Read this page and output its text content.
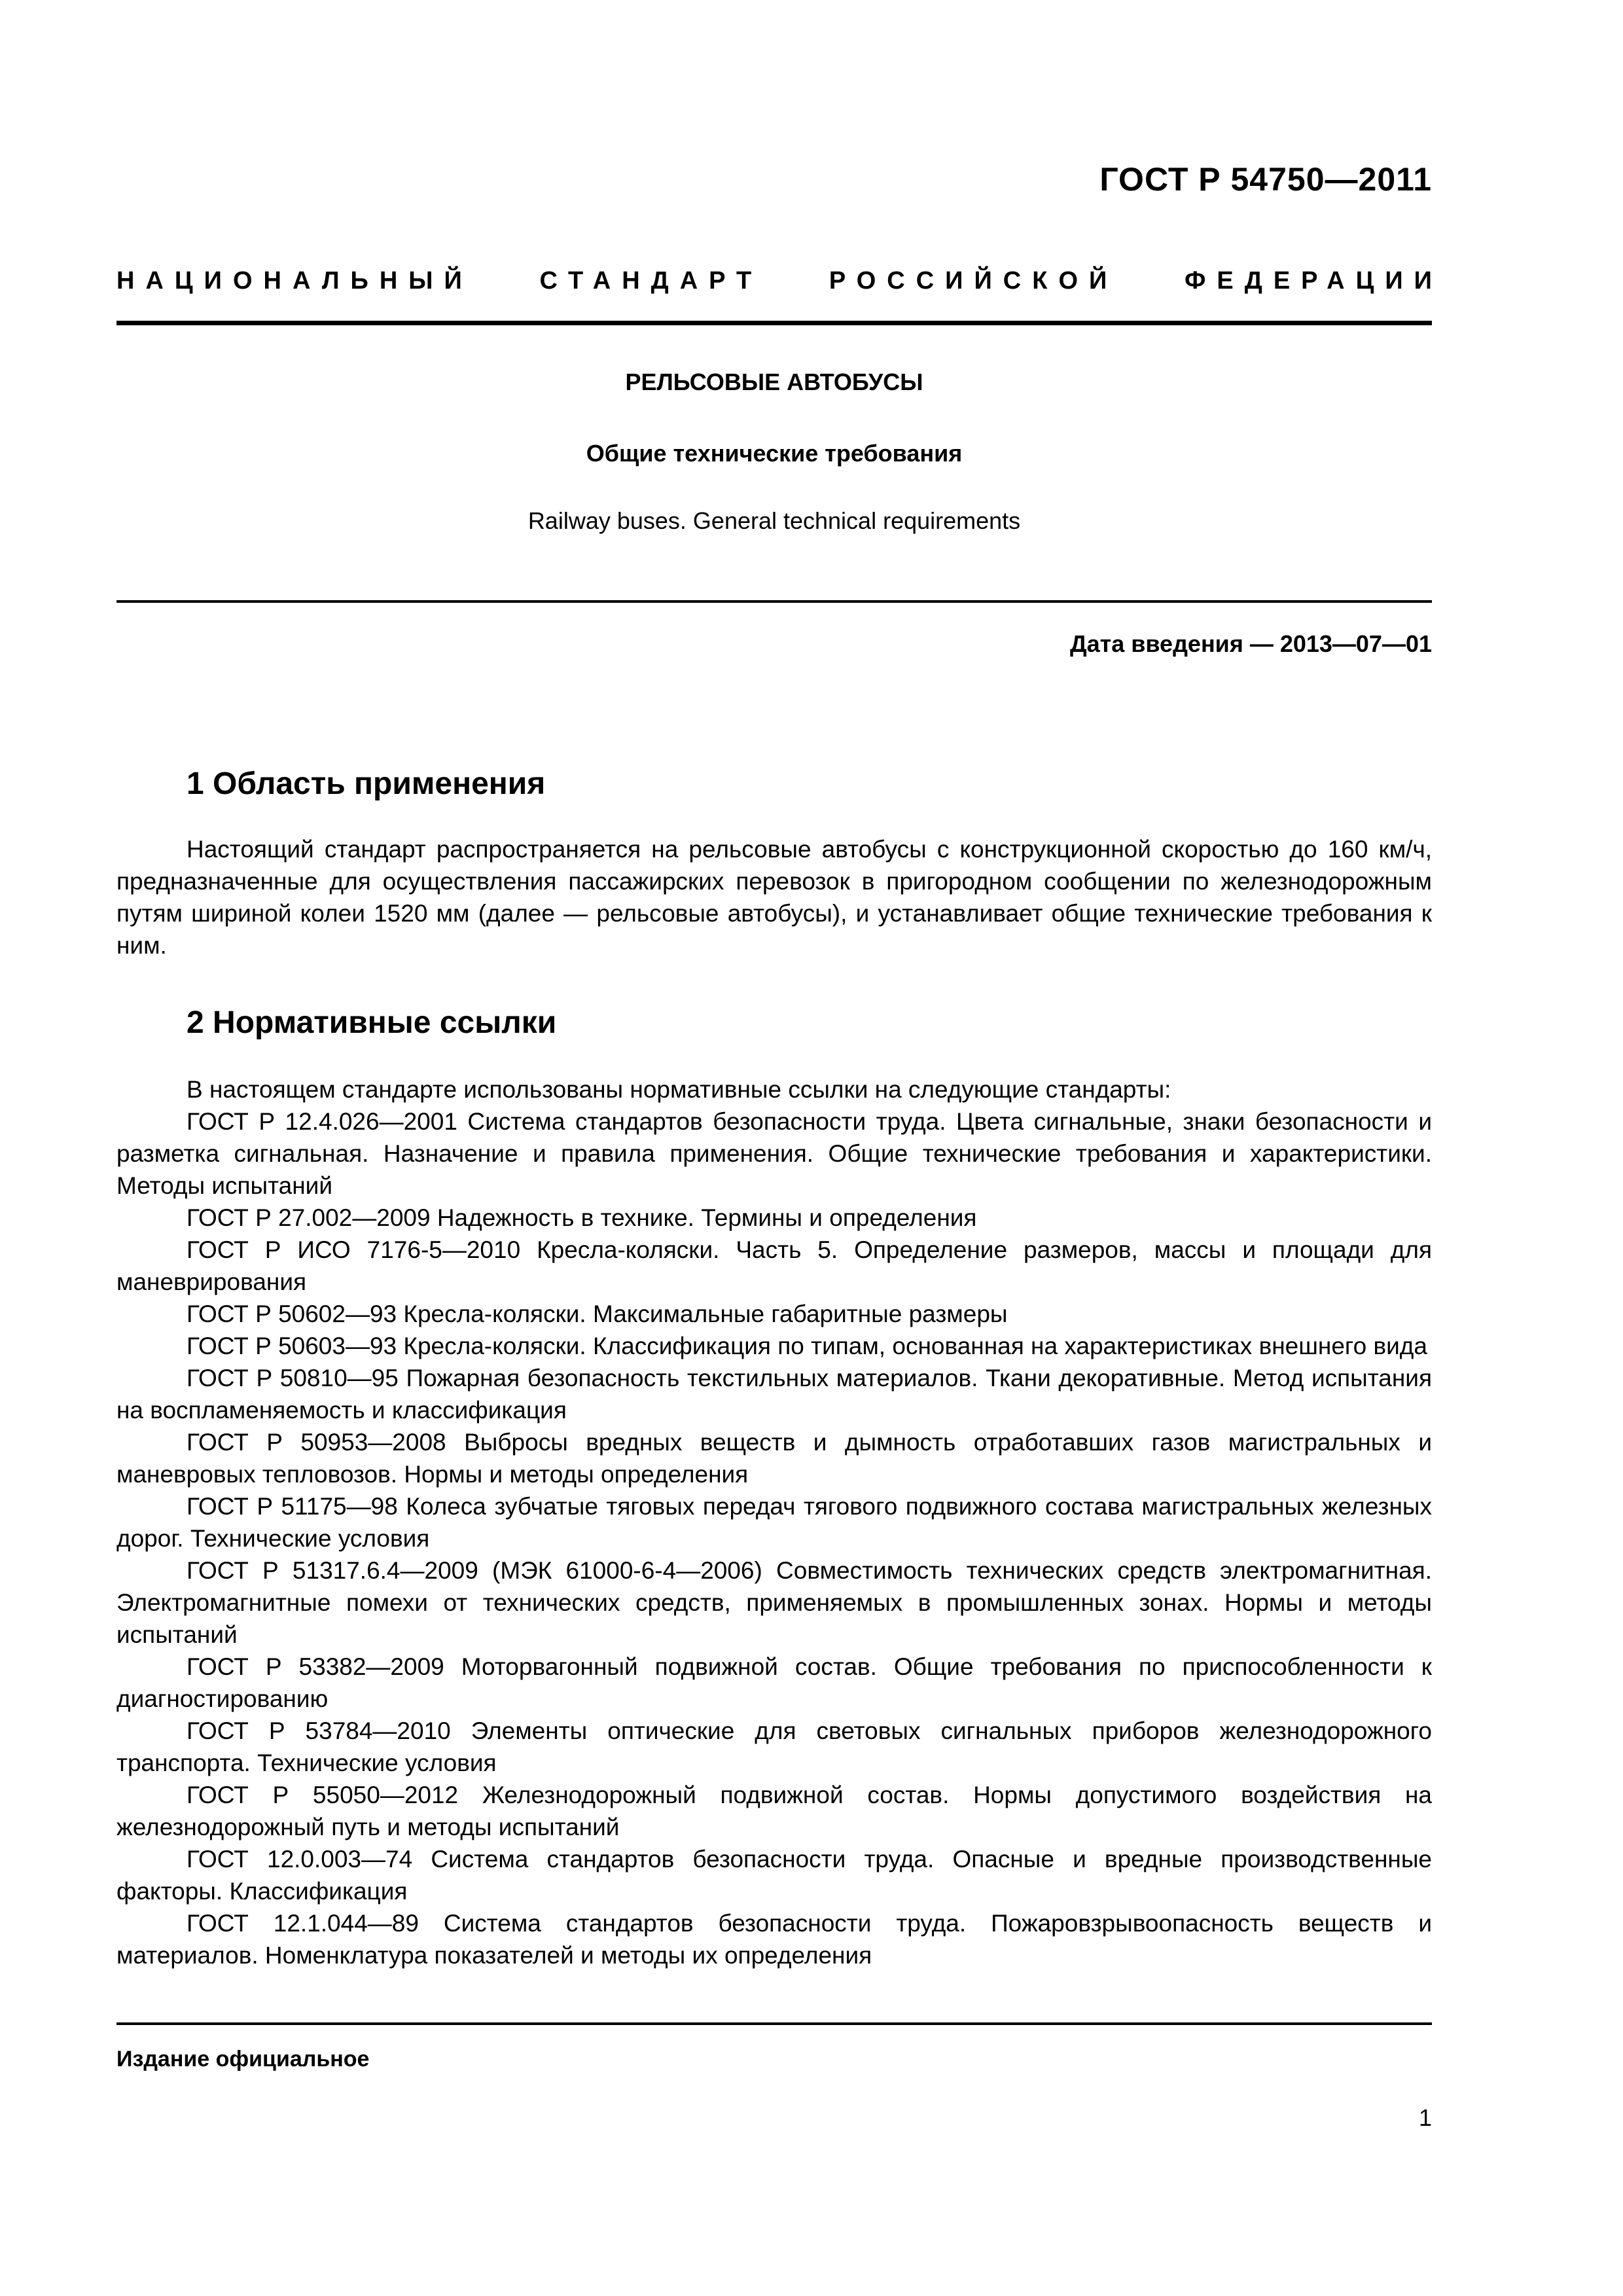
ГОСТ Р 54750—2011
НАЦИОНАЛЬНЫЙ	СТАНДАРТ	РОССИЙСКОЙ	ФЕДЕРАЦИИ
РЕЛЬСОВЫЕ АВТОБУСЫ
Общие технические требования
Railway buses. General technical requirements
Дата введения — 2013—07—01
1 Область применения

Настоящий стандарт распространяется на рельсовые автобусы с конструкционной скоростью до 160 км/ч, предназначенные для осуществления пассажирских перевозок в пригородном сообщении по железнодорожным путям шириной колеи 1520 мм (далее — рельсовые автобусы), и устанавливает общие технические требования к ним.

2 Нормативные ссылки

В настоящем стандарте использованы нормативные ссылки на следующие стандарты:

ГОСТ Р 12.4.026—2001 Система стандартов безопасности труда. Цвета сигнальные, знаки безопасности и разметка сигнальная. Назначение и правила применения. Общие технические требования и характеристики. Методы испытаний

ГОСТ Р 27.002—2009 Надежность в технике. Термины и определения

ГОСТ Р ИСО 7176-5—2010 Кресла-коляски. Часть 5. Определение размеров, массы и площади для маневрирования

ГОСТ Р 50602—93 Кресла-коляски. Максимальные габаритные размеры

ГОСТ Р 50603—93 Кресла-коляски. Классификация по типам, основанная на характеристиках внешнего вида

ГОСТ Р 50810—95 Пожарная безопасность текстильных материалов. Ткани декоративные. Метод испытания на воспламеняемость и классификация

ГОСТ Р 50953—2008 Выбросы вредных веществ и дымность отработавших газов магистральных и маневровых тепловозов. Нормы и методы определения

ГОСТ Р 51175—98 Колеса зубчатые тяговых передач тягового подвижного состава магистральных железных дорог. Технические условия

ГОСТ Р 51317.6.4—2009 (МЭК 61000-6-4—2006) Совместимость технических средств электромагнитная. Электромагнитные помехи от технических средств, применяемых в промышленных зонах. Нормы и методы испытаний

ГОСТ Р 53382—2009 Моторвагонный подвижной состав. Общие требования по приспособленности к диагностированию

ГОСТ Р 53784—2010 Элементы оптические для световых сигнальных приборов железнодорожного транспорта. Технические условия

ГОСТ Р 55050—2012 Железнодорожный подвижной состав. Нормы допустимого воздействия на железнодорожный путь и методы испытаний

ГОСТ 12.0.003—74 Система стандартов безопасности труда. Опасные и вредные производственные факторы. Классификация

ГОСТ 12.1.044—89 Система стандартов безопасности труда. Пожаровзрывоопасность веществ и материалов. Номенклатура показателей и методы их определения

Издание официальное
1
